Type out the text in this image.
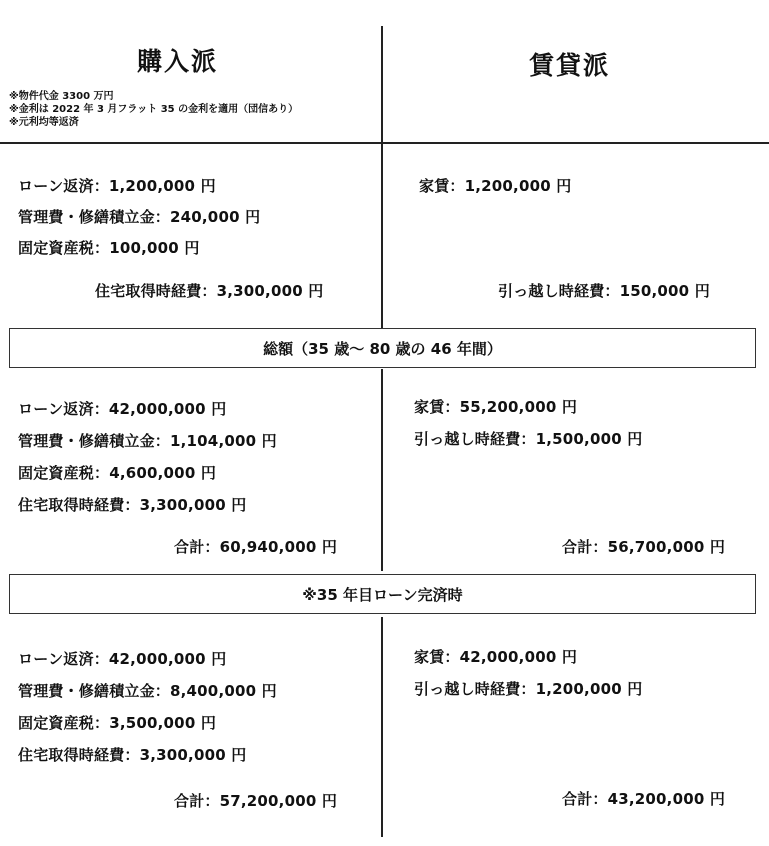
購入派	賃貸派
※物件代金 3300 万円
※金利は 2022 年 3 月フラット 35 の金利を適用（団信あり）
※元利均等返済
ローン返済：1,200,000 円
管理費・修繕積立金：240,000 円
固定資産税：100,000 円
住宅取得時経費：3,300,000 円
家賃：1,200,000 円
引っ越し時経費：150,000 円
総額（35 歳～ 80 歳の 46 年間）
ローン返済：42,000,000 円
管理費・修繕積立金：1,104,000 円
固定資産税：4,600,000 円
住宅取得時経費：3,300,000 円
合計：60,940,000 円
家賃：55,200,000 円
引っ越し時経費：1,500,000 円
合計：56,700,000 円
※35 年目ローン完済時
ローン返済：42,000,000 円
管理費・修繕積立金：8,400,000 円
固定資産税：3,500,000 円
住宅取得時経費：3,300,000 円
合計：57,200,000 円
家賃：42,000,000 円
引っ越し時経費：1,200,000 円
合計：43,200,000 円
